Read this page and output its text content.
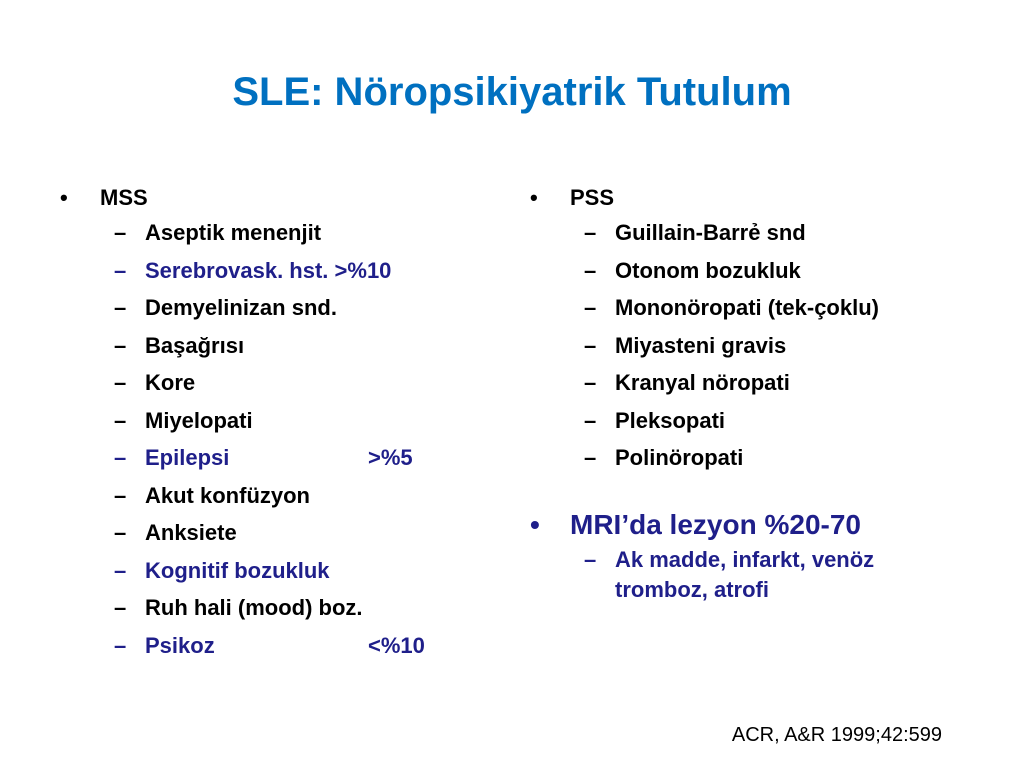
SLE: Nöropsikiyatrik Tutulum
•	MSS
– Aseptik menenjit
– Serebrovask. hst. >%10
– Demyelinizan snd.
– Başağrısı
– Kore
– Miyelopati
– Epilepsi	>%5
– Akut konfüzyon
– Anksiete
– Kognitif bozukluk
– Ruh hali (mood) boz.
– Psikoz	<%10
•	PSS
– Guillain-Barrẻ snd
– Otonom bozukluk
– Mononöropati (tek-çoklu)
– Miyasteni gravis
– Kranyal nöropati
– Pleksopati
– Polinöropati
•	MRI’da lezyon %20-70
– Ak madde, infarkt, venöz
tromboz, atrofi
ACR, A&R 1999;42:599
